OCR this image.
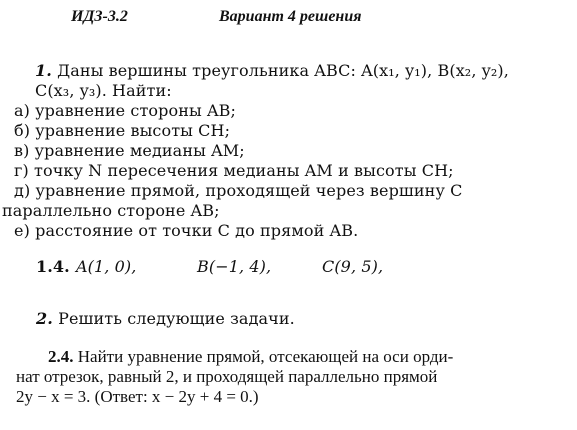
ИДЗ-3.2	Вариант 4 решения
1. Даны вершины треугольника ABC: A(x₁, y₁), B(x₂, y₂),
C(x₃, y₃). Найти:
а) уравнение стороны AB;
б) уравнение высоты CH;
в) уравнение медианы AM;
г) точку N пересечения медианы AM и высоты CH;
д) уравнение прямой, проходящей через вершину C
параллельно стороне AB;
е) расстояние от точки C до прямой AB.
1.4. A(1, 0),	B(−1, 4),	C(9, 5),
2. Решить следующие задачи.
2.4. Найти уравнение прямой, отсекающей на оси орди-
нат отрезок, равный 2, и проходящей параллельно прямой
2y − x = 3. (Ответ: x − 2y + 4 = 0.)
